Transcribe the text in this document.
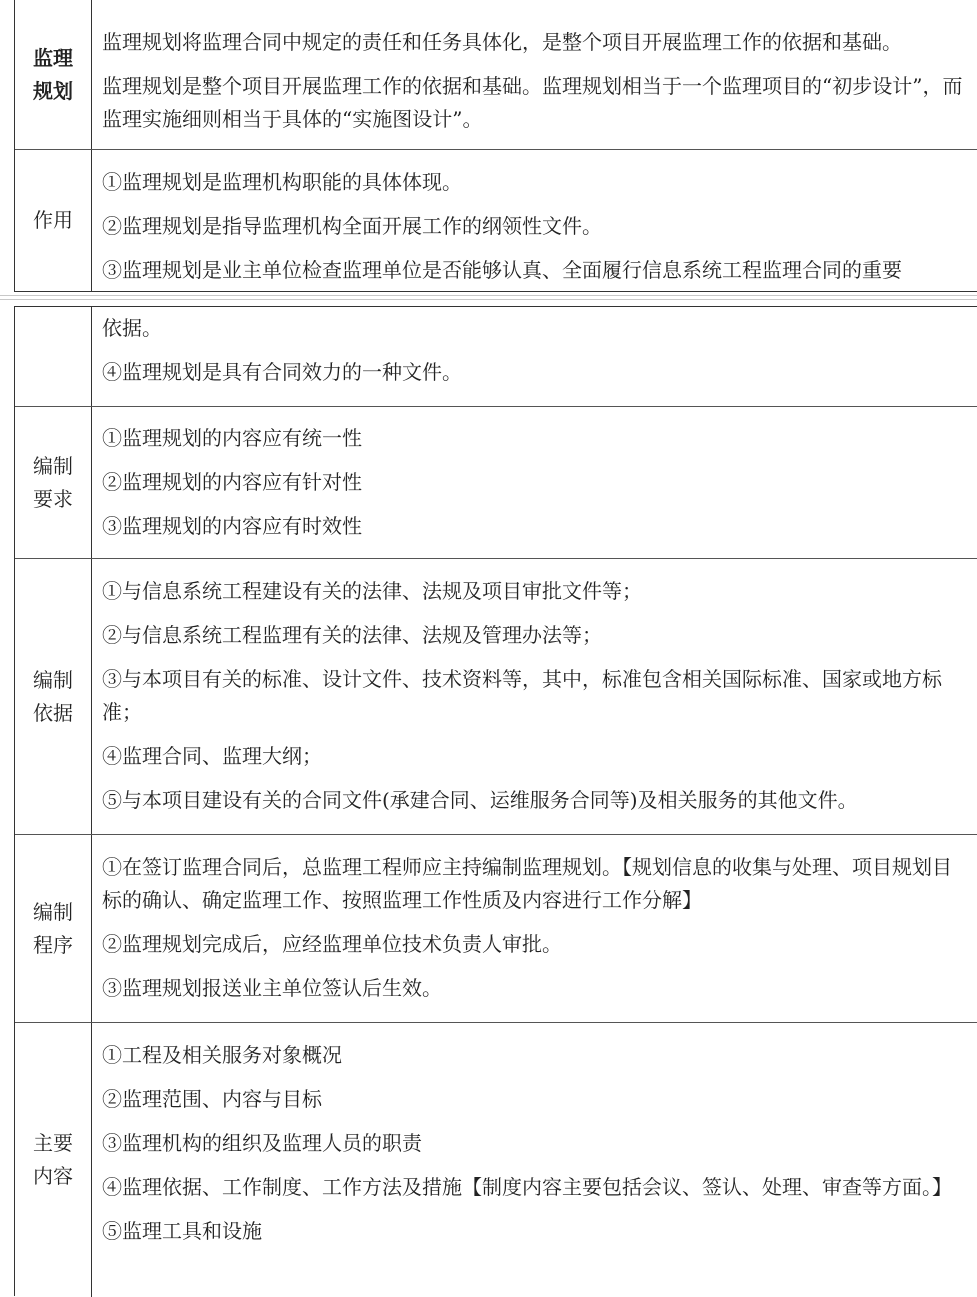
监理
规划

监理规划将监理合同中规定的责任和任务具体化，是整个项目开展监理工作的依据和基础。

监理规划是整个项目开展监理工作的依据和基础。监理规划相当于一个监理项目的“初步设计”，而监理实施细则相当于具体的“实施图设计”。

作用

①监理规划是监理机构职能的具体体现。

②监理规划是指导监理机构全面开展工作的纲领性文件。

③监理规划是业主单位检查监理单位是否能够认真、全面履行信息系统工程监理合同的重要

依据。

④监理规划是具有合同效力的一种文件。

编制
要求

①监理规划的内容应有统一性

②监理规划的内容应有针对性

③监理规划的内容应有时效性

编制
依据

①与信息系统工程建设有关的法律、法规及项目审批文件等；

②与信息系统工程监理有关的法律、法规及管理办法等；

③与本项目有关的标准、设计文件、技术资料等，其中，标准包含相关国际标准、国家或地方标准；

④监理合同、监理大纲；

⑤与本项目建设有关的合同文件(承建合同、运维服务合同等)及相关服务的其他文件。

编制
程序

①在签订监理合同后，总监理工程师应主持编制监理规划。【规划信息的收集与处理、项目规划目标的确认、确定监理工作、按照监理工作性质及内容进行工作分解】

②监理规划完成后，应经监理单位技术负责人审批。

③监理规划报送业主单位签认后生效。

主要
内容

①工程及相关服务对象概况

②监理范围、内容与目标

③监理机构的组织及监理人员的职责

④监理依据、工作制度、工作方法及措施【制度内容主要包括会议、签认、处理、审查等方面。】

⑤监理工具和设施
